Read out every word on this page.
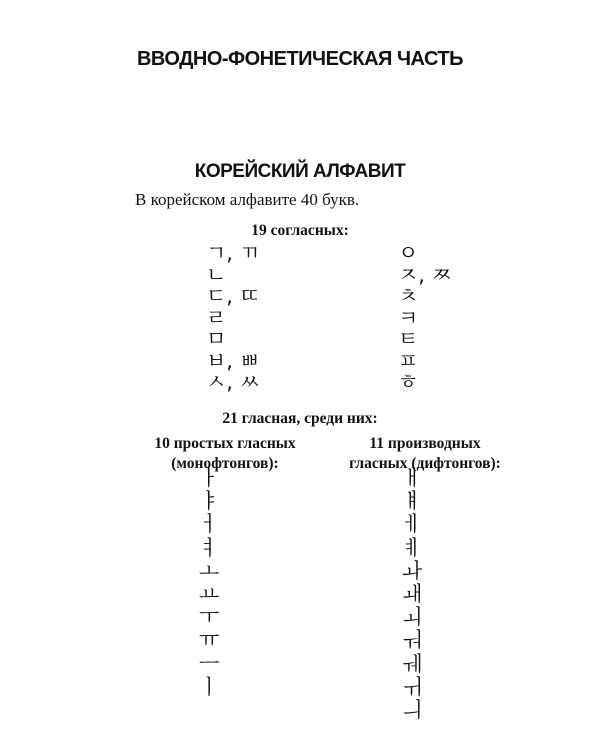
ВВОДНО-ФОНЕТИЧЕСКАЯ ЧАСТЬ
КОРЕЙСКИЙ АЛФАВИТ
В корейском алфавите 40 букв.
19 согласных:
ㄱ, ㄲ
ㄴ
ㄷ, ㄸ
ㄹ
ㅁ
ㅂ, ㅃ
ㅅ, ㅆ
ㅇ
ㅈ, ㅉ
ㅊ
ㅋ
ㅌ
ㅍ
ㅎ
21 гласная, среди них:
10 простых гласных
(монофтонгов):
11 производных
гласных (дифтонгов):
ㅏ
ㅑ
ㅓ
ㅕ
ㅗ
ㅛ
ㅜ
ㅠ
ㅡ
ㅣ
ㅐ
ㅒ
ㅔ
ㅖ
ㅘ
ㅙ
ㅚ
ㅝ
ㅞ
ㅟ
ㅢ
